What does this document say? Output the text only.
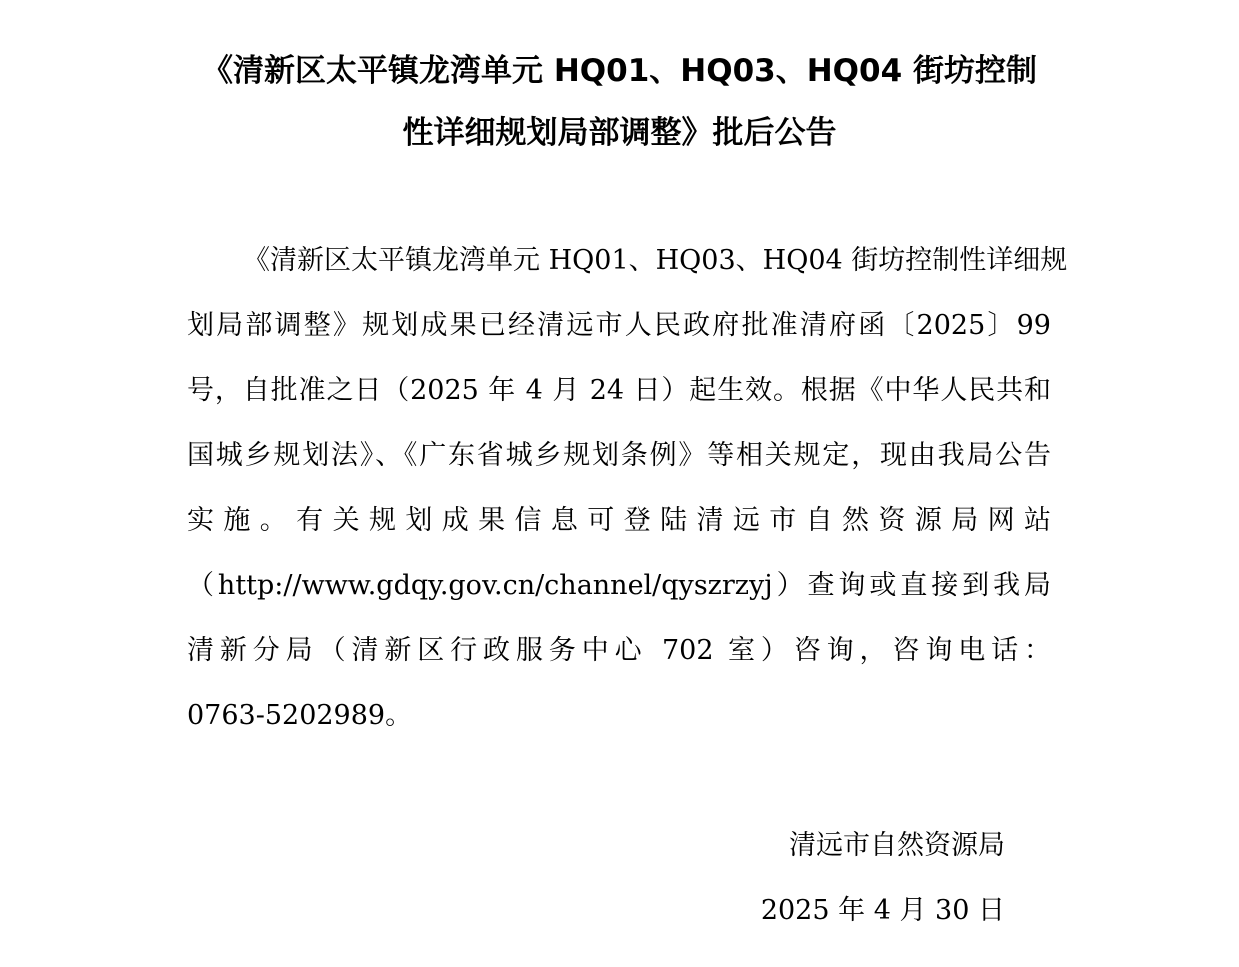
《清新区太平镇龙湾单元 HQ01、HQ03、HQ04 街坊控制
性详细规划局部调整》批后公告
《清新区太平镇龙湾单元 HQ01、HQ03、HQ04 街坊控制性详细规
划局部调整》规划成果已经清远市人民政府批准清府函〔2025〕99
号，自批准之日（2025 年 4 月 24 日）起生效。根据《中华人民共和
国城乡规划法》、《广东省城乡规划条例》等相关规定，现由我局公告
实施。有关规划成果信息可登陆清远市自然资源局网站
（http://www.gdqy.gov.cn/channel/qyszrzyj）查询或直接到我局
清新分局（清新区行政服务中心 702 室）咨询，咨询电话：
0763-5202989。
清远市自然资源局
2025 年 4 月 30 日
